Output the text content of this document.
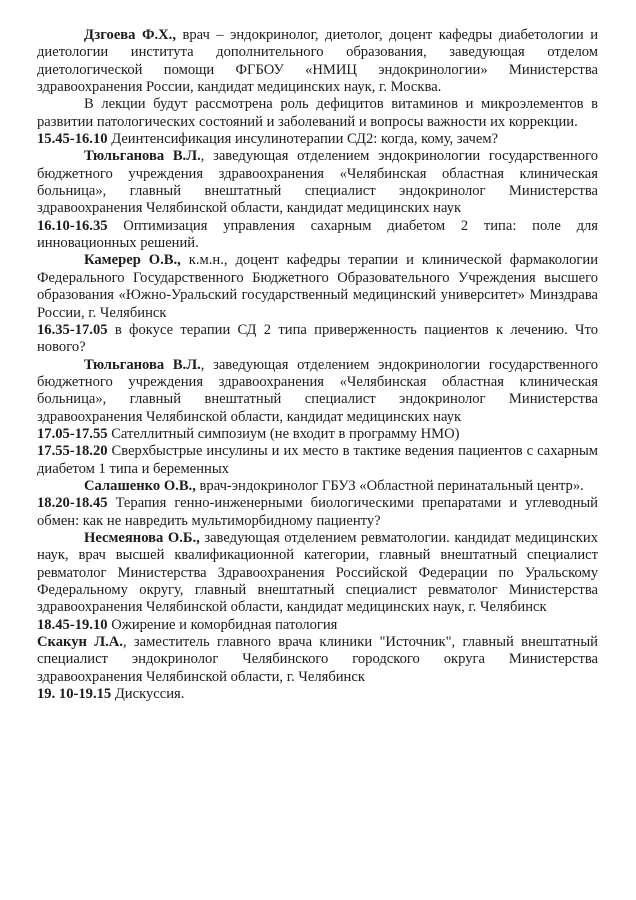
Дзгоева Ф.Х., врач – эндокринолог, диетолог, доцент кафедры диабетологии и диетологии института дополнительного образования, заведующая отделом диетологической помощи ФГБОУ «НМИЦ эндокринологии» Министерства здравоохранения России, кандидат медицинских наук, г. Москва.

В лекции будут рассмотрена роль дефицитов витаминов и микроэлементов в развитии патологических состояний и заболеваний и вопросы важности их коррекции.

15.45-16.10 Деинтенсификация инсулинотерапии СД2: когда, кому, зачем?

Тюльганова В.Л., заведующая отделением эндокринологии государственного бюджетного учреждения здравоохранения «Челябинская областная клиническая больница», главный внештатный специалист эндокринолог Министерства здравоохранения Челябинской области, кандидат медицинских наук

16.10-16.35 Оптимизация управления сахарным диабетом 2 типа: поле для инновационных решений.

Камерер О.В., к.м.н., доцент кафедры терапии и клинической фармакологии Федерального Государственного Бюджетного Образовательного Учреждения высшего образования «Южно-Уральский государственный медицинский университет» Минздрава России, г. Челябинск

16.35-17.05 в фокусе терапии СД 2 типа приверженность пациентов к лечению. Что нового?

Тюльганова В.Л., заведующая отделением эндокринологии государственного бюджетного учреждения здравоохранения «Челябинская областная клиническая больница», главный внештатный специалист эндокринолог Министерства здравоохранения Челябинской области, кандидат медицинских наук

17.05-17.55 Сателлитный симпозиум (не входит в программу НМО)

17.55-18.20 Сверхбыстрые инсулины и их место в тактике ведения пациентов с сахарным диабетом 1 типа и беременных

Салашенко О.В., врач-эндокринолог ГБУЗ «Областной перинатальный центр».

18.20-18.45 Терапия генно-инженерными биологическими препаратами и углеводный обмен: как не навредить мультиморбидному пациенту?

Несмеянова О.Б., заведующая отделением ревматологии. кандидат медицинских наук, врач высшей квалификационной категории, главный внештатный специалист ревматолог Министерства Здравоохранения Российской Федерации по Уральскому Федеральному округу, главный внештатный специалист ревматолог Министерства здравоохранения Челябинской области, кандидат медицинских наук, г. Челябинск

18.45-19.10 Ожирение и коморбидная патология

Скакун Л.А., заместитель главного врача клиники "Источник", главный внештатный специалист эндокринолог Челябинского городского округа Министерства здравоохранения Челябинской области, г. Челябинск

19. 10-19.15 Дискуссия.
